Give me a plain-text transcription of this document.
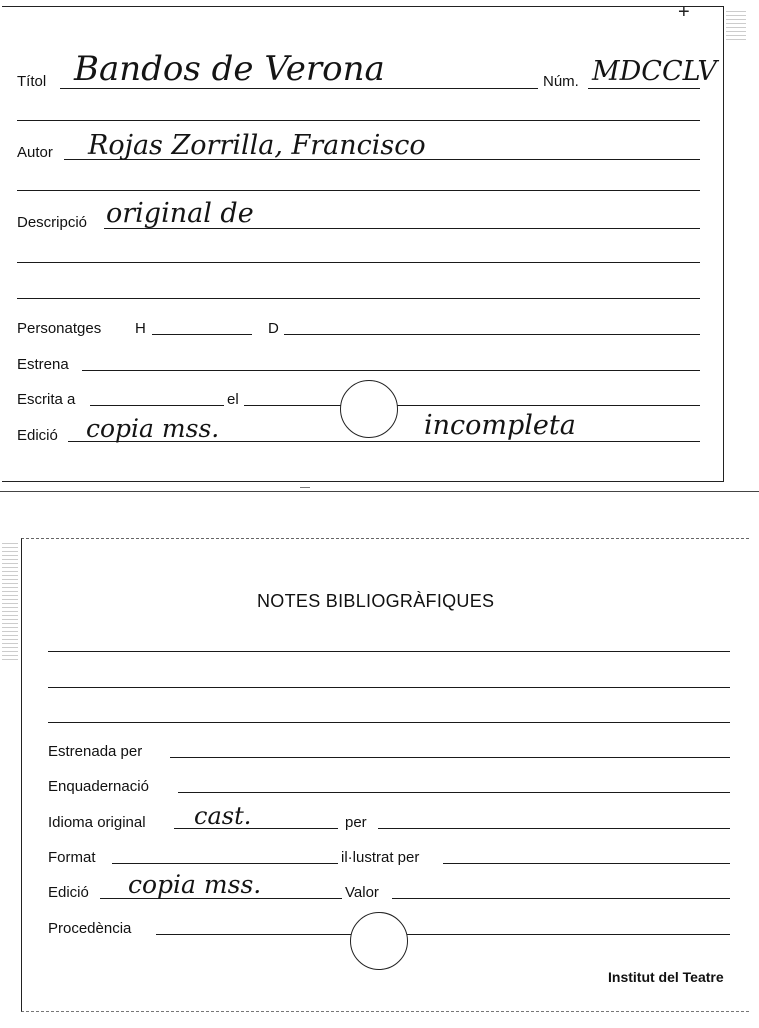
+
Títol Bandos de Verona	Núm. MDCCLV
Autor Rojas Zorrilla, Francisco
Descripció original de
Personatges H	D
Estrena
Escrita a	el
Edició copia mss.	incompleta
NOTES BIBLIOGRÀFIQUES
Estrenada per
Enquadernació
Idioma original cast.	per
Format	il·lustrat per
Edició copia mss.	Valor
Procedència
Institut del Teatre
